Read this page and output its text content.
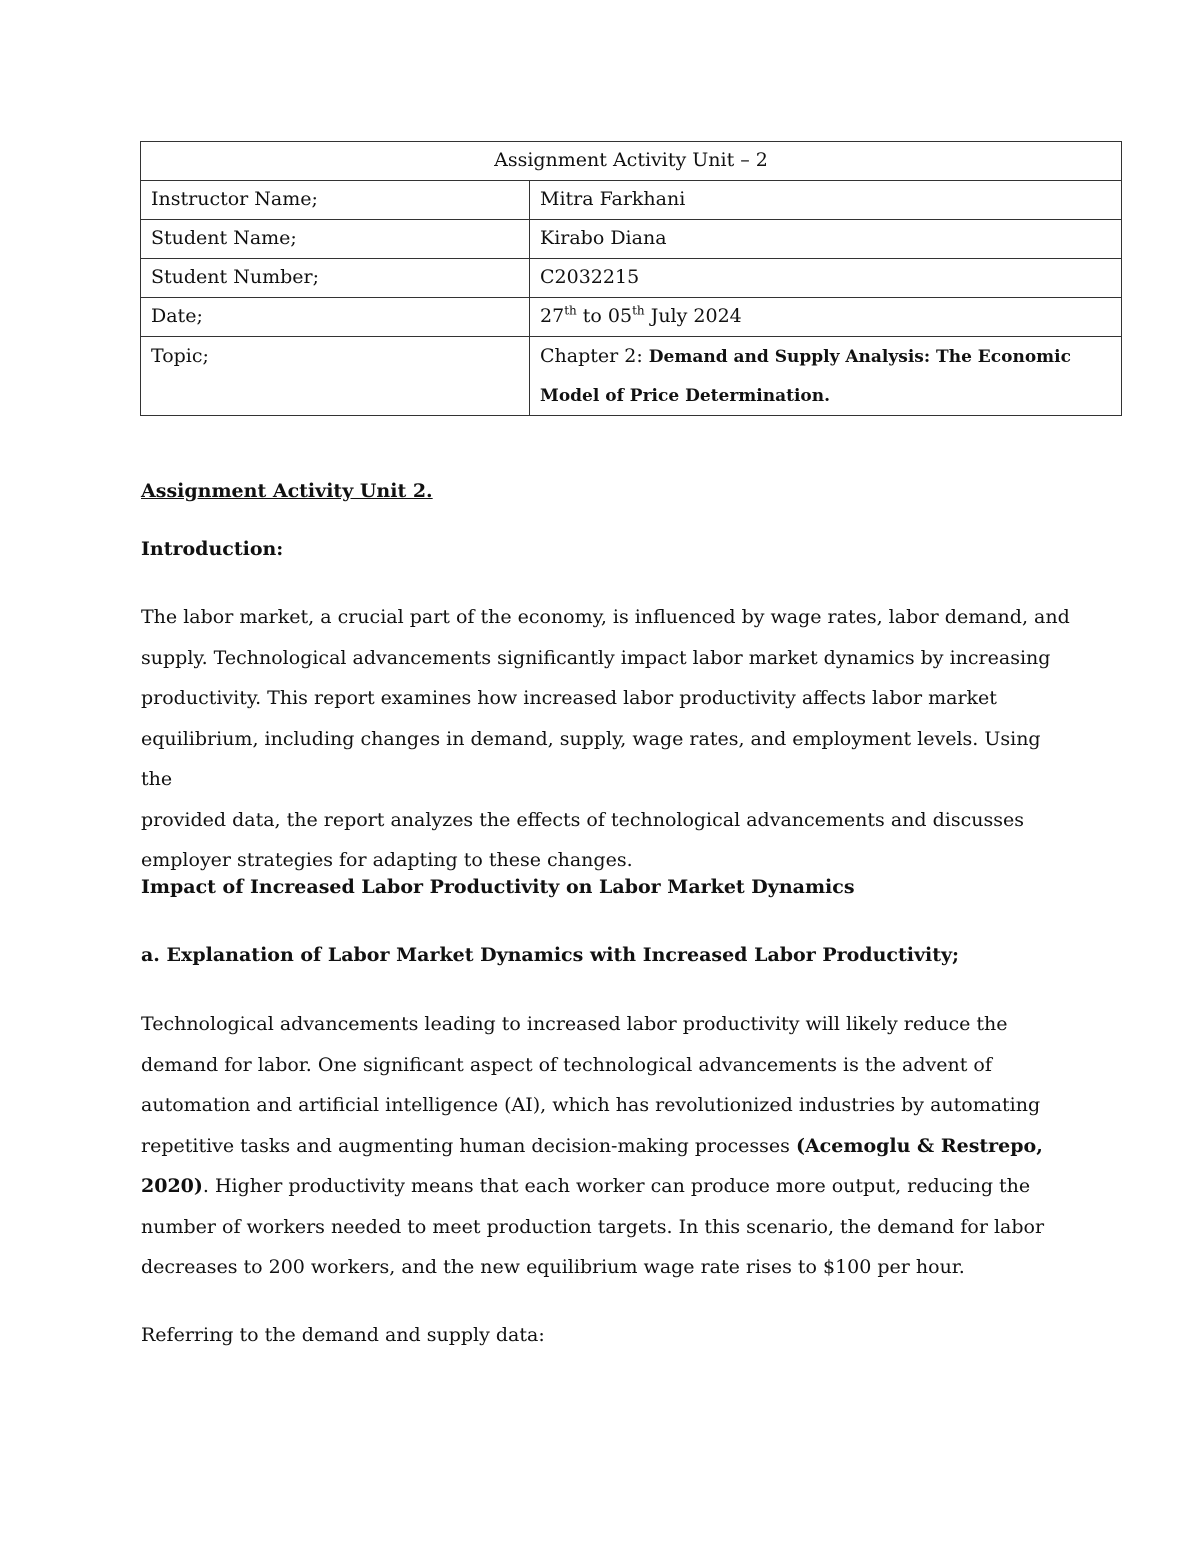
Assignment Activity Unit – 2	
Instructor Name;	Mitra Farkhani
Student Name;	Kirabo Diana
Student Number;	C2032215
Date;	27th to 05th July 2024
Topic;	Chapter 2: Demand and Supply Analysis: The Economic
Model of Price Determination.

Assignment Activity Unit 2.

Introduction:

The labor market, a crucial part of the economy, is influenced by wage rates, labor demand, and
supply. Technological advancements significantly impact labor market dynamics by increasing
productivity. This report examines how increased labor productivity affects labor market
equilibrium, including changes in demand, supply, wage rates, and employment levels. Using the
provided data, the report analyzes the effects of technological advancements and discusses
employer strategies for adapting to these changes.

Impact of Increased Labor Productivity on Labor Market Dynamics

a. Explanation of Labor Market Dynamics with Increased Labor Productivity;

Technological advancements leading to increased labor productivity will likely reduce the
demand for labor. One significant aspect of technological advancements is the advent of
automation and artificial intelligence (AI), which has revolutionized industries by automating
repetitive tasks and augmenting human decision-making processes (Acemoglu & Restrepo,
2020). Higher productivity means that each worker can produce more output, reducing the
number of workers needed to meet production targets. In this scenario, the demand for labor
decreases to 200 workers, and the new equilibrium wage rate rises to $100 per hour.

Referring to the demand and supply data:
